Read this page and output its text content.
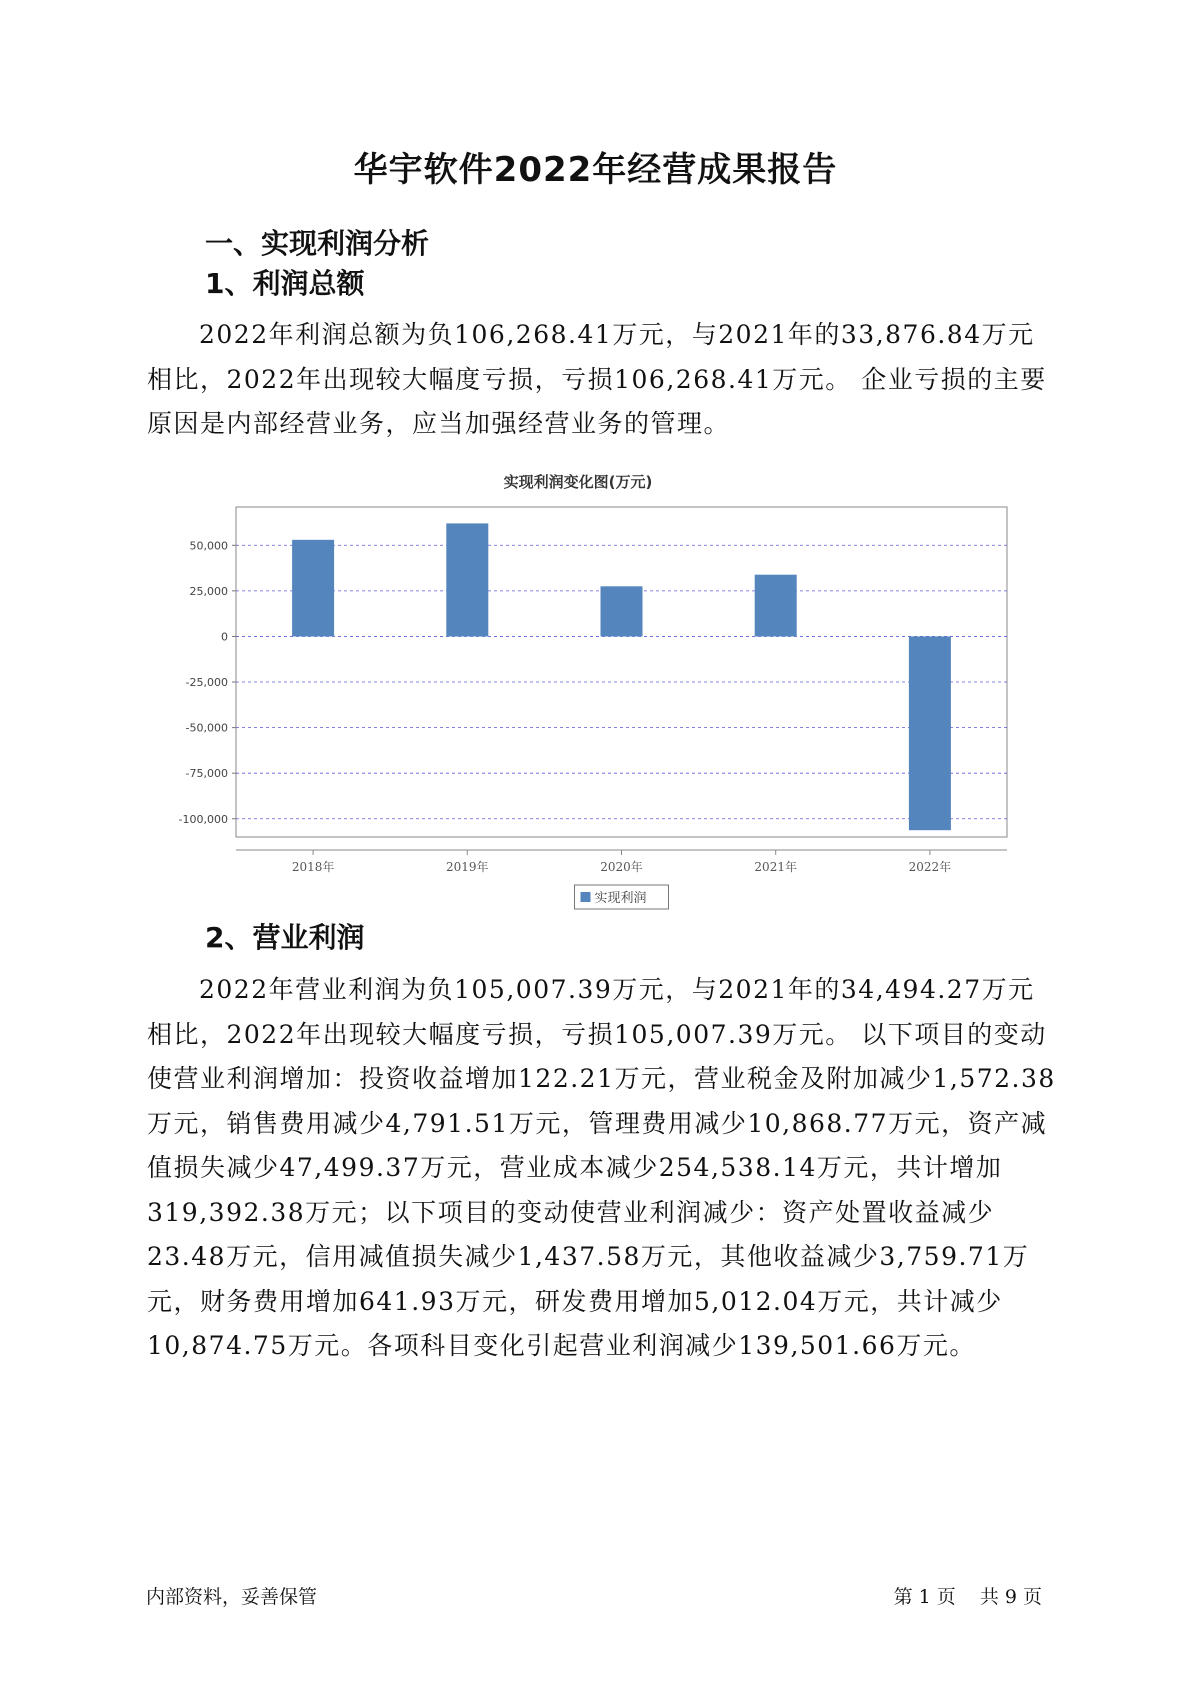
华宇软件2022年经营成果报告
一、实现利润分析
1、利润总额

2022年利润总额为负106,268.41万元，与2021年的33,876.84万元相比，2022年出现较大幅度亏损，亏损106,268.41万元。 企业亏损的主要原因是内部经营业务，应当加强经营业务的管理。

实现利润变化图(万元)
50,000
25,000
0
-25,000
-50,000
-75,000
-100,000
2018年	2019年	2020年	2021年	2022年
实现利润
2、营业利润

2022年营业利润为负105,007.39万元，与2021年的34,494.27万元相比，2022年出现较大幅度亏损，亏损105,007.39万元。 以下项目的变动使营业利润增加：投资收益增加122.21万元，营业税金及附加减少1,572.38万元，销售费用减少4,791.51万元，管理费用减少10,868.77万元，资产减值损失减少47,499.37万元，营业成本减少254,538.14万元，共计增加319,392.38万元；以下项目的变动使营业利润减少：资产处置收益减少23.48万元，信用减值损失减少1,437.58万元，其他收益减少3,759.71万元，财务费用增加641.93万元，研发费用增加5,012.04万元，共计减少10,874.75万元。各项科目变化引起营业利润减少139,501.66万元。

内部资料，妥善保管	第 1 页 共 9 页
